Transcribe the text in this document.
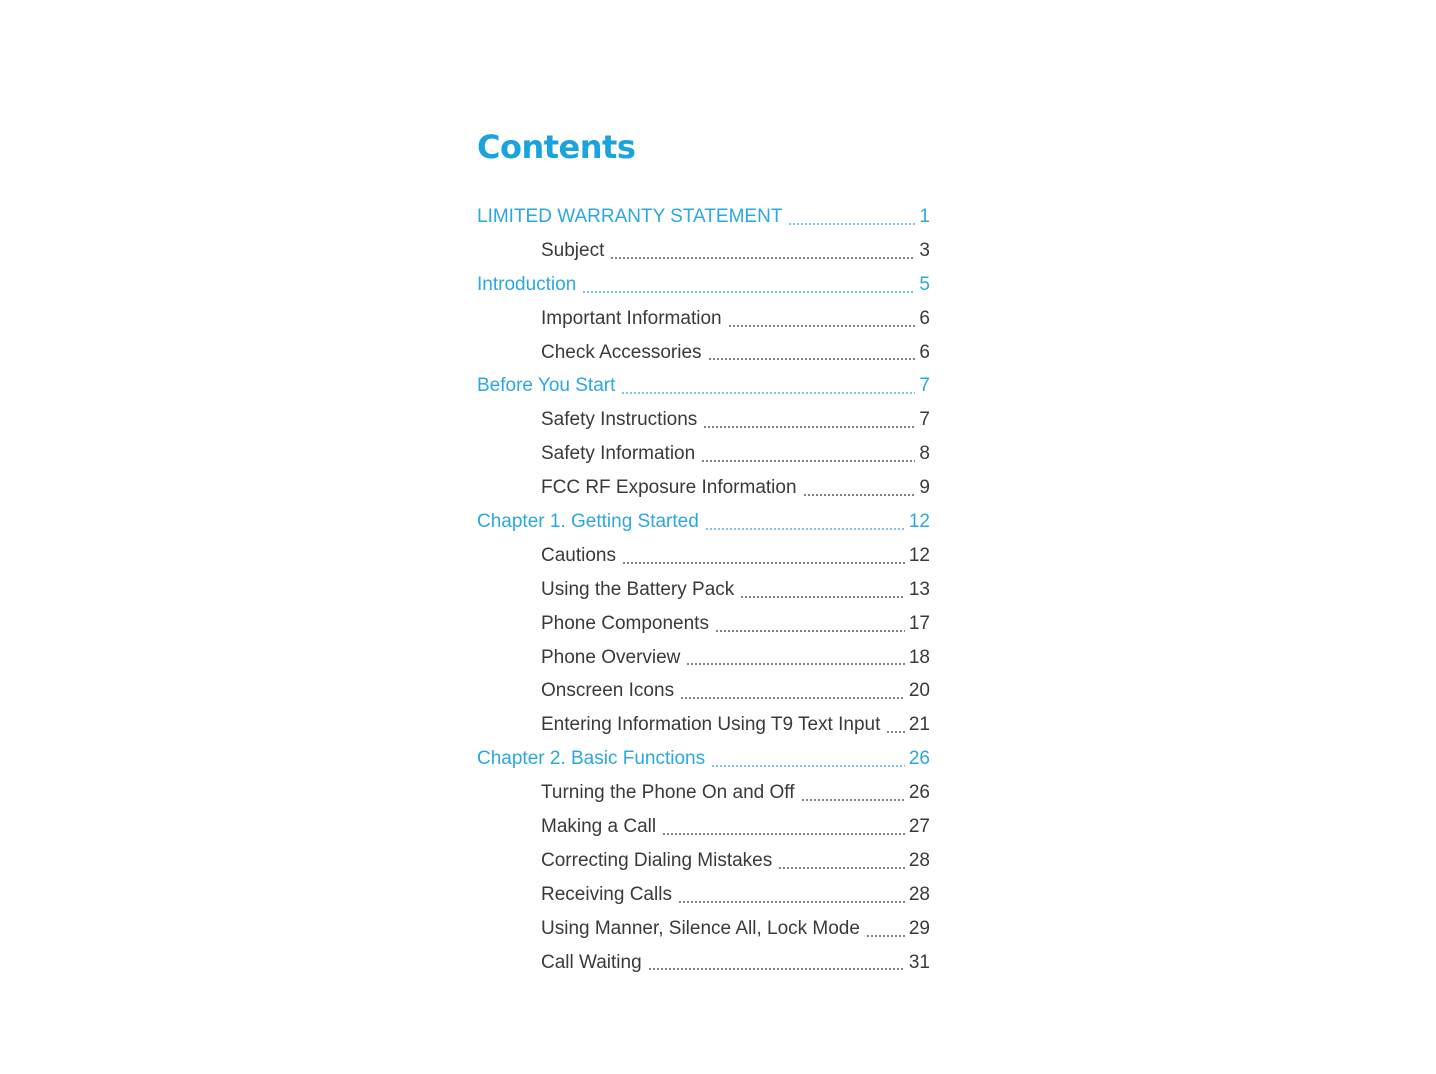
Contents
LIMITED WARRANTY STATEMENT	1
Subject	3
Introduction	5
Important Information	6
Check Accessories	6
Before You Start	7
Safety Instructions	7
Safety Information	8
FCC RF Exposure Information	9
Chapter 1. Getting Started	12
Cautions	12
Using the Battery Pack	13
Phone Components	17
Phone Overview	18
Onscreen Icons	20
Entering Information Using T9 Text Input 21
Chapter 2. Basic Functions	26
Turning the Phone On and Off	26
Making a Call	27
Correcting Dialing Mistakes	28
Receiving Calls	28
Using Manner, Silence All, Lock Mode	29
Call Waiting	31
